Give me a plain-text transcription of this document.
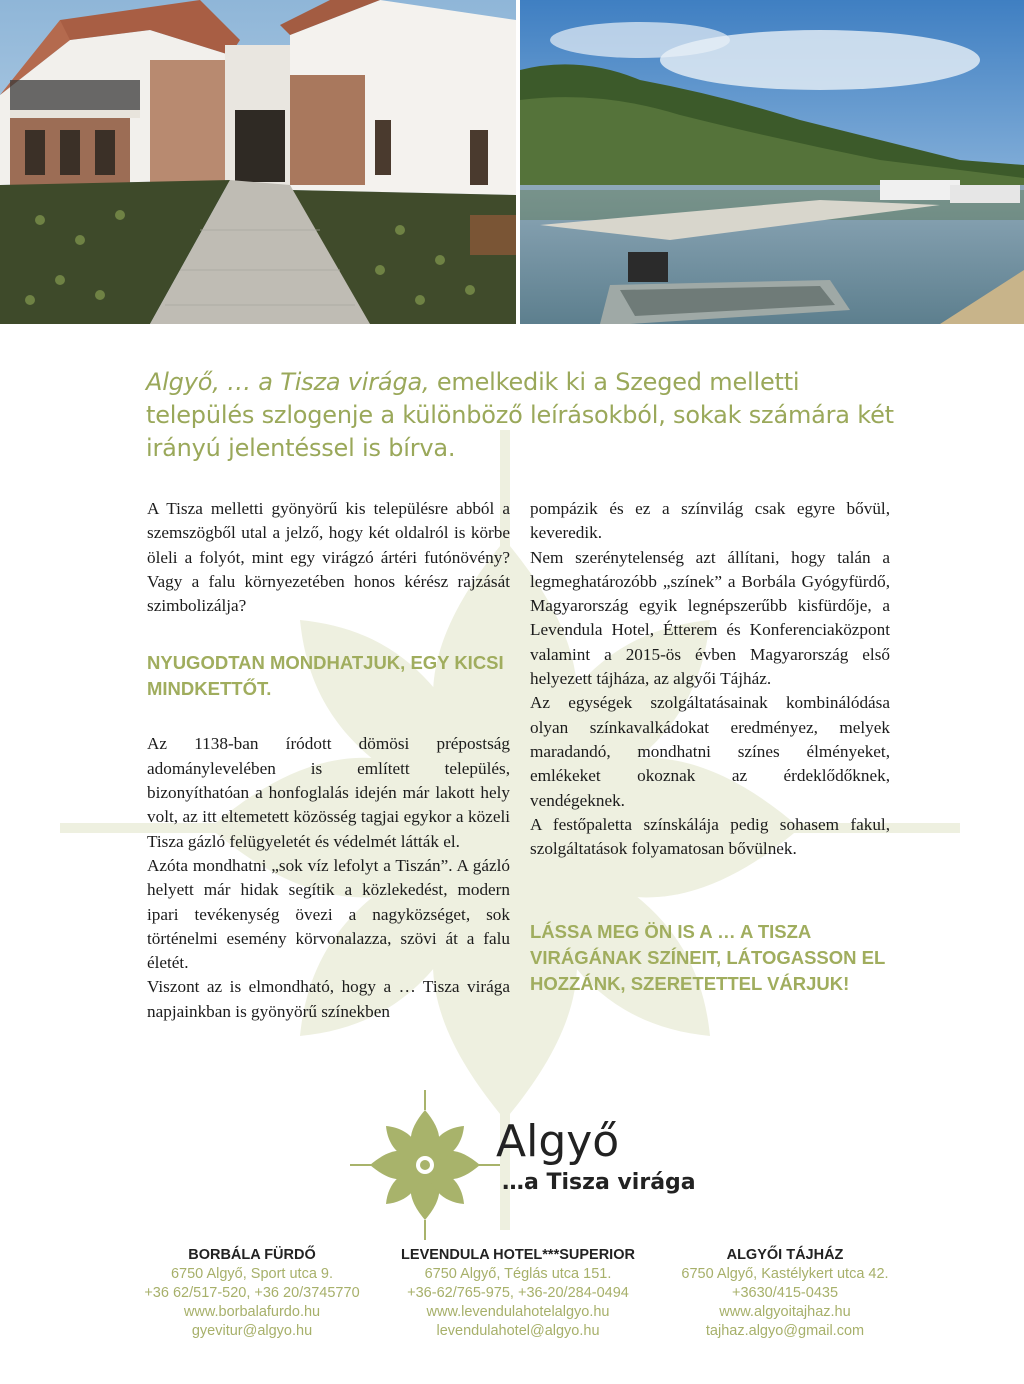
Algyő, … a Tisza virága, emelkedik ki a Szeged melletti település szlogenje a különböző leírásokból, sokak számára két irányú jelentéssel is bírva.

A Tisza melletti gyönyörű kis településre abból a szemszögből utal a jelző, hogy két oldalról is körbe öleli a folyót, mint egy virágzó ártéri futónövény? Vagy a falu környezetében honos kérész rajzását szimbolizálja?

NYUGODTAN MONDHATJUK, EGY KICSI MINDKETTŐT.

Az 1138-ban íródott dömösi prépostság adománylevelében is említett település, bizonyíthatóan a honfoglalás idején már lakott hely volt, az itt eltemetett közösség tagjai egykor a közeli Tisza gázló felügyeletét és védelmét látták el.

Azóta mondhatni „sok víz lefolyt a Tiszán”. A gázló helyett már hidak segítik a közlekedést, modern ipari tevékenység övezi a nagyközséget, sok történelmi esemény körvonalazza, szövi át a falu életét.

Viszont az is elmondható, hogy a … Tisza virága napjainkban is gyönyörű színekben

pompázik és ez a színvilág csak egyre bővül, keveredik.

Nem szerénytelenség azt állítani, hogy talán a legmeghatározóbb „színek” a Borbála Gyógyfürdő, Magyarország egyik legnépszerűbb kisfürdője, a Levendula Hotel, Étterem és Konferenciaközpont valamint a 2015-ös évben Magyarország első helyezett tájháza, az algyői Tájház.

Az egységek szolgáltatásainak kombinálódása olyan színkavalkádokat eredményez, melyek maradandó, mondhatni színes élményeket, emlékeket okoznak az érdeklődőknek, vendégeknek.

A festőpaletta színskálája pedig sohasem fakul, szolgáltatások folyamatosan bővülnek.

LÁSSA MEG ÖN IS A … A TISZA VIRÁGÁNAK SZÍNEIT, LÁTOGASSON EL HOZZÁNK, SZERETETTEL VÁRJUK!
Algyő
…a Tisza virága
BORBÁLA FÜRDŐ
6750 Algyő, Sport utca 9.
+36 62/517-520, +36 20/3745770
www.borbalafurdo.hu
gyevitur@algyo.hu
LEVENDULA HOTEL***SUPERIOR
6750 Algyő, Téglás utca 151.
+36-62/765-975, +36-20/284-0494
www.levendulahotelalgyo.hu
levendulahotel@algyo.hu
ALGYŐI TÁJHÁZ
6750 Algyő, Kastélykert utca 42.
+3630/415-0435
www.algyoitajhaz.hu
tajhaz.algyo@gmail.com
